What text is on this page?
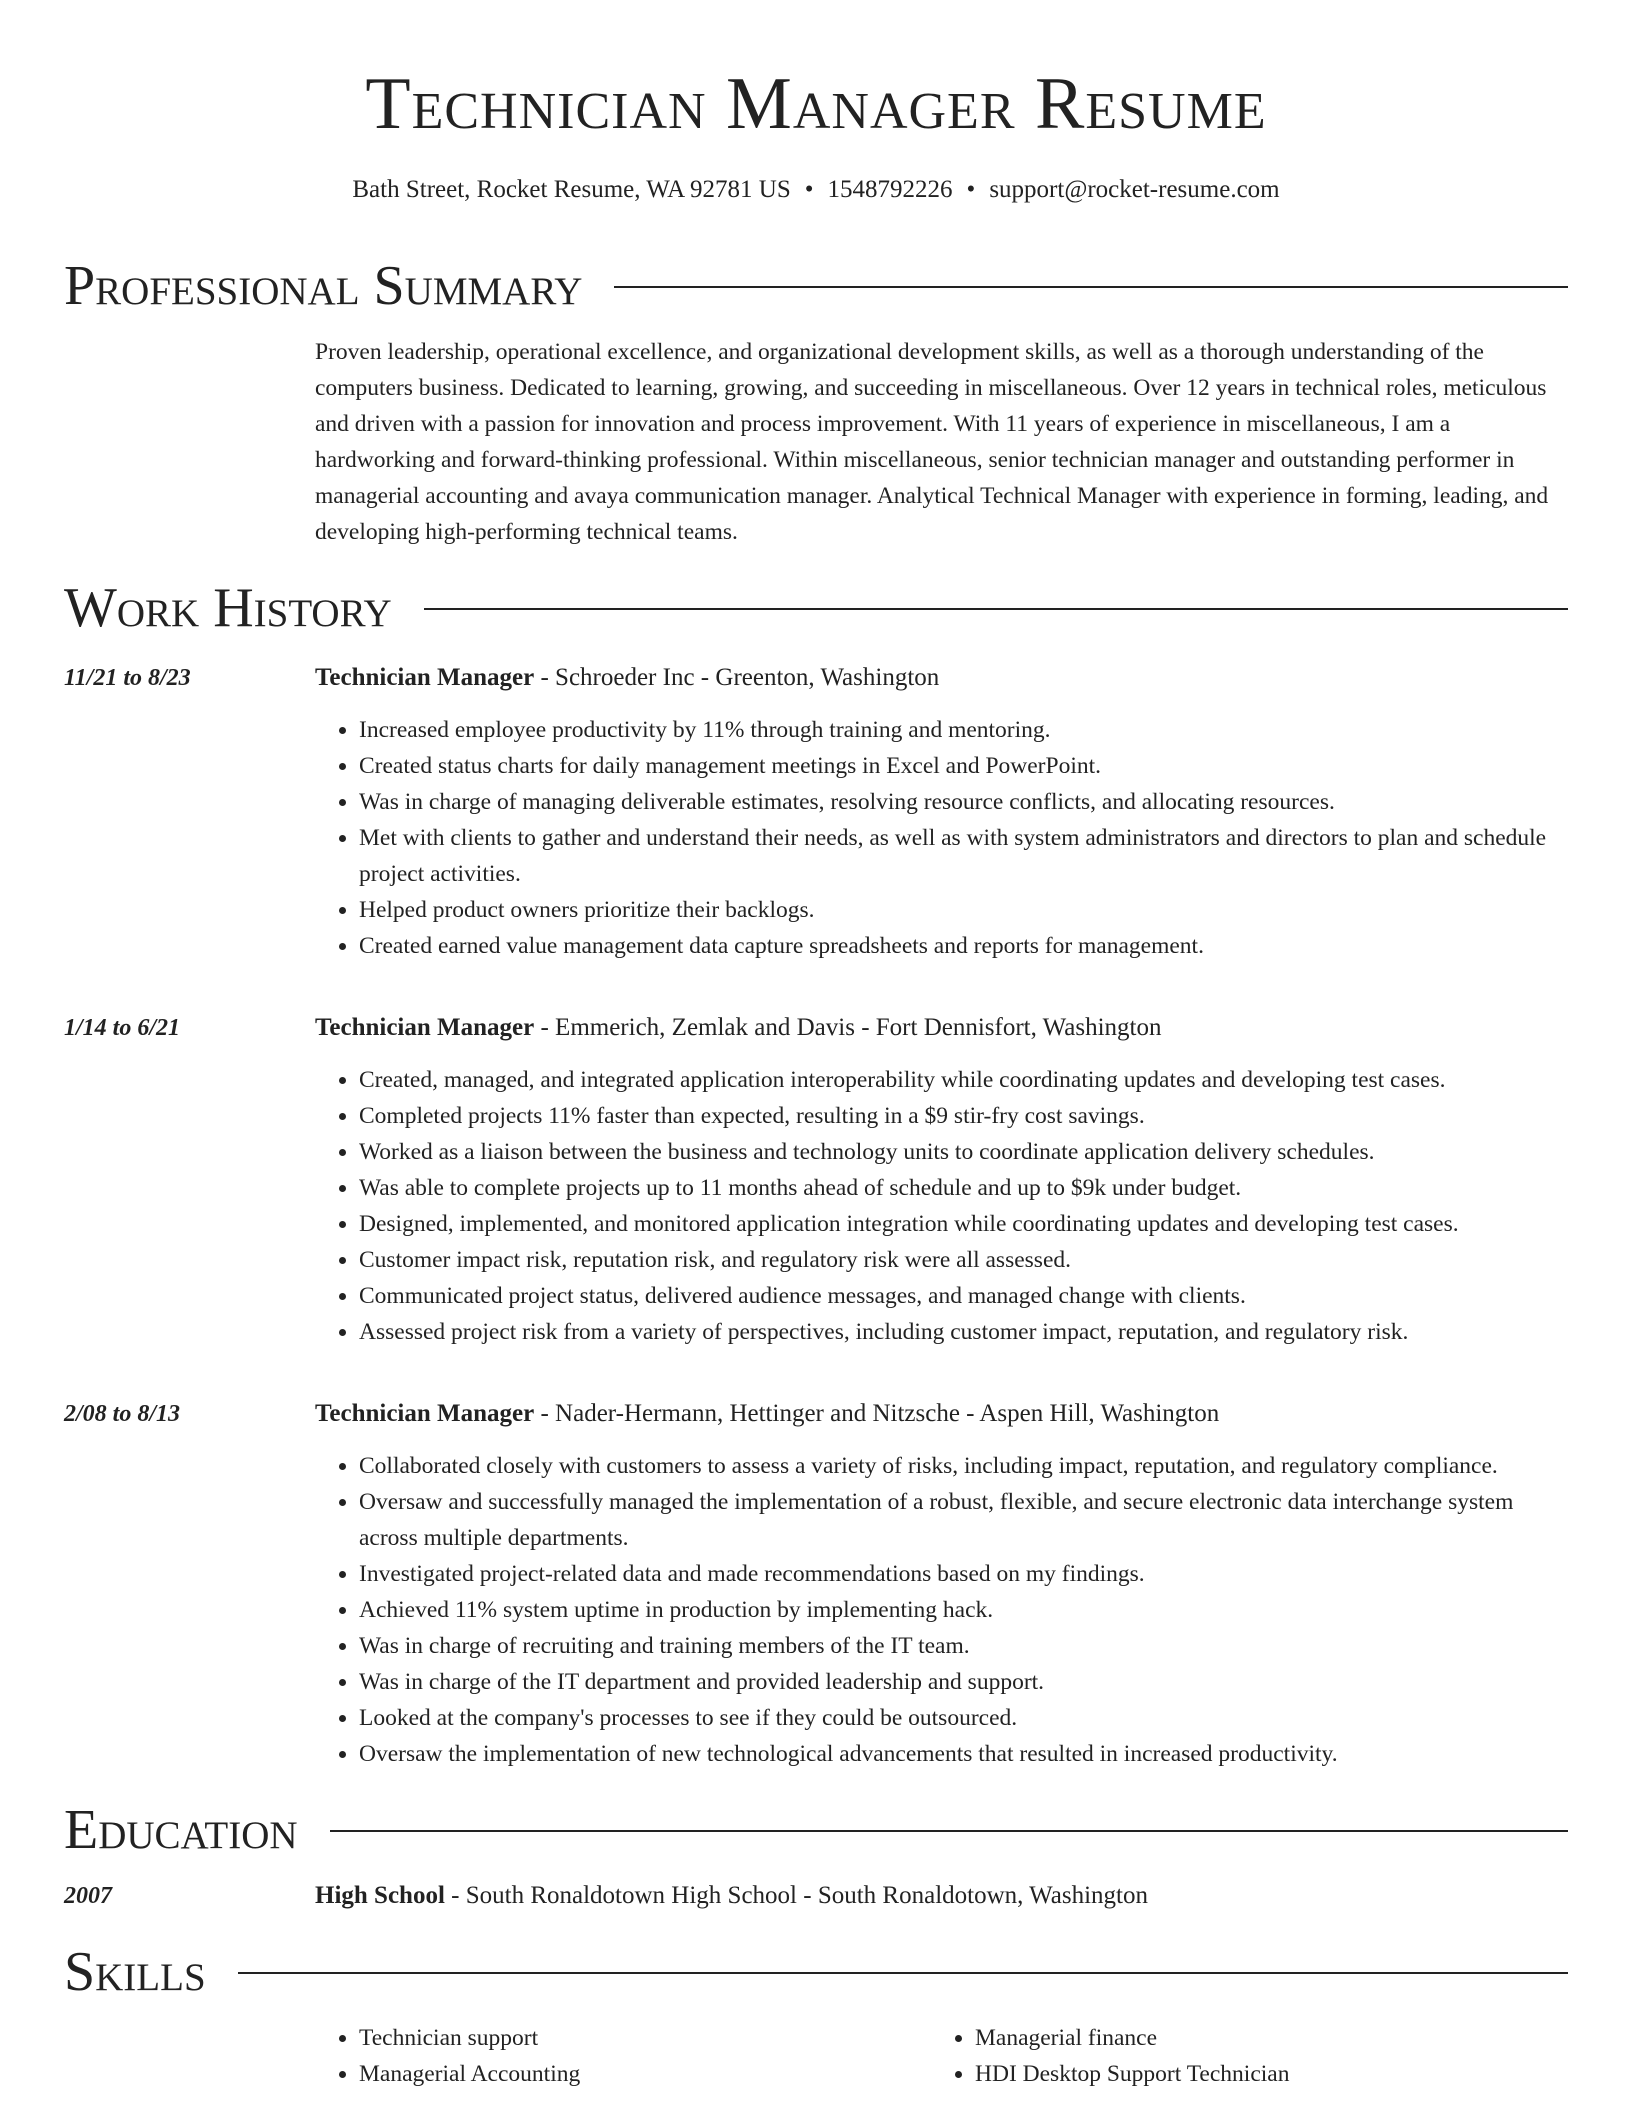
Technician Manager Resume
Bath Street, Rocket Resume, WA 92781 US • 1548792226 • support@rocket-resume.com
Professional Summary
Proven leadership, operational excellence, and organizational development skills, as well as a thorough understanding of the computers business. Dedicated to learning, growing, and succeeding in miscellaneous. Over 12 years in technical roles, meticulous and driven with a passion for innovation and process improvement. With 11 years of experience in miscellaneous, I am a hardworking and forward-thinking professional. Within miscellaneous, senior technician manager and outstanding performer in managerial accounting and avaya communication manager. Analytical Technical Manager with experience in forming, leading, and developing high-performing technical teams.
Work History
11/21 to 8/23	Technician Manager - Schroeder Inc - Greenton, Washington
• Increased employee productivity by 11% through training and mentoring.
• Created status charts for daily management meetings in Excel and PowerPoint.
• Was in charge of managing deliverable estimates, resolving resource conflicts, and allocating resources.
• Met with clients to gather and understand their needs, as well as with system administrators and directors to plan and schedule project activities.
• Helped product owners prioritize their backlogs.
• Created earned value management data capture spreadsheets and reports for management.
1/14 to 6/21	Technician Manager - Emmerich, Zemlak and Davis - Fort Dennisfort, Washington
• Created, managed, and integrated application interoperability while coordinating updates and developing test cases.
• Completed projects 11% faster than expected, resulting in a $9 stir-fry cost savings.
• Worked as a liaison between the business and technology units to coordinate application delivery schedules.
• Was able to complete projects up to 11 months ahead of schedule and up to $9k under budget.
• Designed, implemented, and monitored application integration while coordinating updates and developing test cases.
• Customer impact risk, reputation risk, and regulatory risk were all assessed.
• Communicated project status, delivered audience messages, and managed change with clients.
• Assessed project risk from a variety of perspectives, including customer impact, reputation, and regulatory risk.
2/08 to 8/13	Technician Manager - Nader-Hermann, Hettinger and Nitzsche - Aspen Hill, Washington
• Collaborated closely with customers to assess a variety of risks, including impact, reputation, and regulatory compliance.
• Oversaw and successfully managed the implementation of a robust, flexible, and secure electronic data interchange system across multiple departments.
• Investigated project-related data and made recommendations based on my findings.
• Achieved 11% system uptime in production by implementing hack.
• Was in charge of recruiting and training members of the IT team.
• Was in charge of the IT department and provided leadership and support.
• Looked at the company's processes to see if they could be outsourced.
• Oversaw the implementation of new technological advancements that resulted in increased productivity.
Education
2007	High School - South Ronaldotown High School - South Ronaldotown, Washington
Skills
• Technician support
• Managerial Accounting
• Managerial finance
• HDI Desktop Support Technician
